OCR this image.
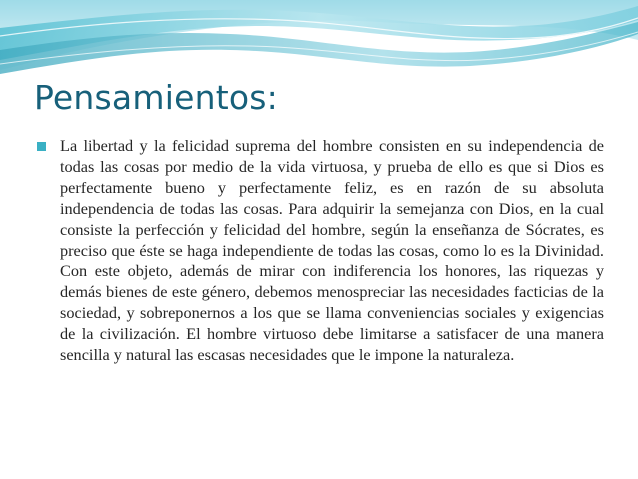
Pensamientos:

La libertad y la felicidad suprema del hombre consisten en su independencia de todas las cosas por medio de la vida virtuosa, y prueba de ello es que si Dios es perfectamente bueno y perfectamente feliz, es en razón de su absoluta independencia de todas las cosas. Para adquirir la semejanza con Dios, en la cual consiste la perfección y felicidad del hombre, según la enseñanza de Sócrates, es preciso que éste se haga independiente de todas las cosas, como lo es la Divinidad. Con este objeto, además de mirar con indiferencia los honores, las riquezas y demás bienes de este género, debemos menospreciar las necesidades facticias de la sociedad, y sobreponernos a los que se llama conveniencias sociales y exigencias de la civilización. El hombre virtuoso debe limitarse a satisfacer de una manera sencilla y natural las escasas necesidades que le impone la naturaleza.
